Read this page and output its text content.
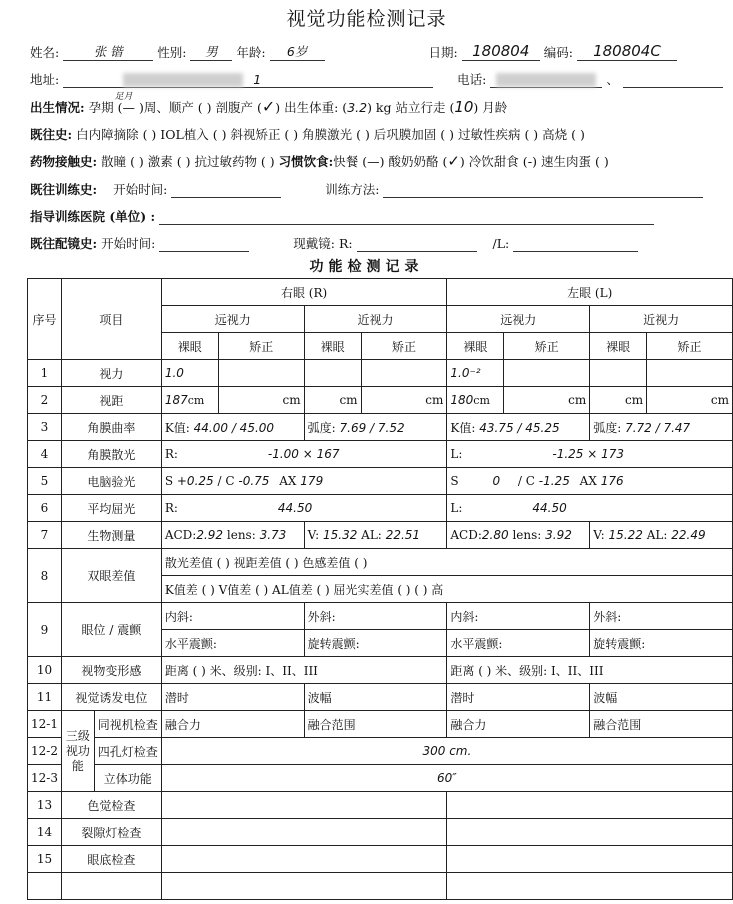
视觉功能检测记录
姓名:	张 锴	性别: 男 年龄: 6岁	日期: 180804 编码: 180804C
地址:	1	电话:	、
出生情况: 孕期 (—
足月
)周、顺产 ( ) 剖腹产 (✓) 出生体重: (3.2) kg 站立行走 (10) 月龄
既往史: 白内障摘除 ( ) IOL植入 ( ) 斜视矫正 ( ) 角膜激光 ( ) 后巩膜加固 ( ) 过敏性疾病 ( ) 高烧 ( )
药物接触史: 散瞳 ( ) 激素 ( ) 抗过敏药物 ( ) 习惯饮食:快餐 (—) 酸奶奶酪 (✓) 冷饮甜食 (-) 速生肉蛋 ( )
既往训练史: 开始时间:	训练方法:
指导训练医院 (单位) :
既往配镜史: 开始时间:	现戴镜: R:	/L:
功能检测记录
序号	项目		右眼 (R)				左眼 (L)			
			远视力		近视力		远视力		近视力	
			裸眼	矫正	裸眼	矫正	裸眼	矫正	裸眼	矫正
1	视力		1.0				1.0⁻²			
2	视距		187cm	cm	cm	cm	180cm	cm	cm	cm
3	角膜曲率		K值: 44.00 / 45.00		弧度: 7.69 / 7.52		K值: 43.75 / 45.25		弧度: 7.72 / 7.47	
4	角膜散光		R: -1.00 × 167				L: -1.25 × 173			
5	电脑验光		S +0.25 / C -0.75 AX 179				S 0 / C -1.25 AX 176			
6	平均屈光		R: 44.50				L: 44.50			
7	生物测量		ACD:2.92 lens: 3.73		V: 15.32 AL: 22.51		ACD:2.80 lens: 3.92		V: 15.22 AL: 22.49	
8	双眼差值		散光差值 ( ) 视距差值 ( ) 色感差值 ( )							
			K值差 ( ) V值差 ( ) AL值差 ( ) 屈光实差值 ( ) ( ) 高							
9	眼位 / 震颤		内斜:		外斜:		内斜:		外斜:	
			水平震颤:		旋转震颤:		水平震颤:		旋转震颤:	
10	视物变形感		距离 ( ) 米、级别: I、II、III				距离 ( ) 米、级别: I、II、III			
11	视觉诱发电位		潜时		波幅		潜时		波幅	
12-1	三级视功能	同视机检查	融合力		融合范围		融合力		融合范围	
12-2		四孔灯检查	300 cm.							
12-3		立体功能	60″							
13	色觉检查									
14	裂隙灯检查									
15	眼底检查									
